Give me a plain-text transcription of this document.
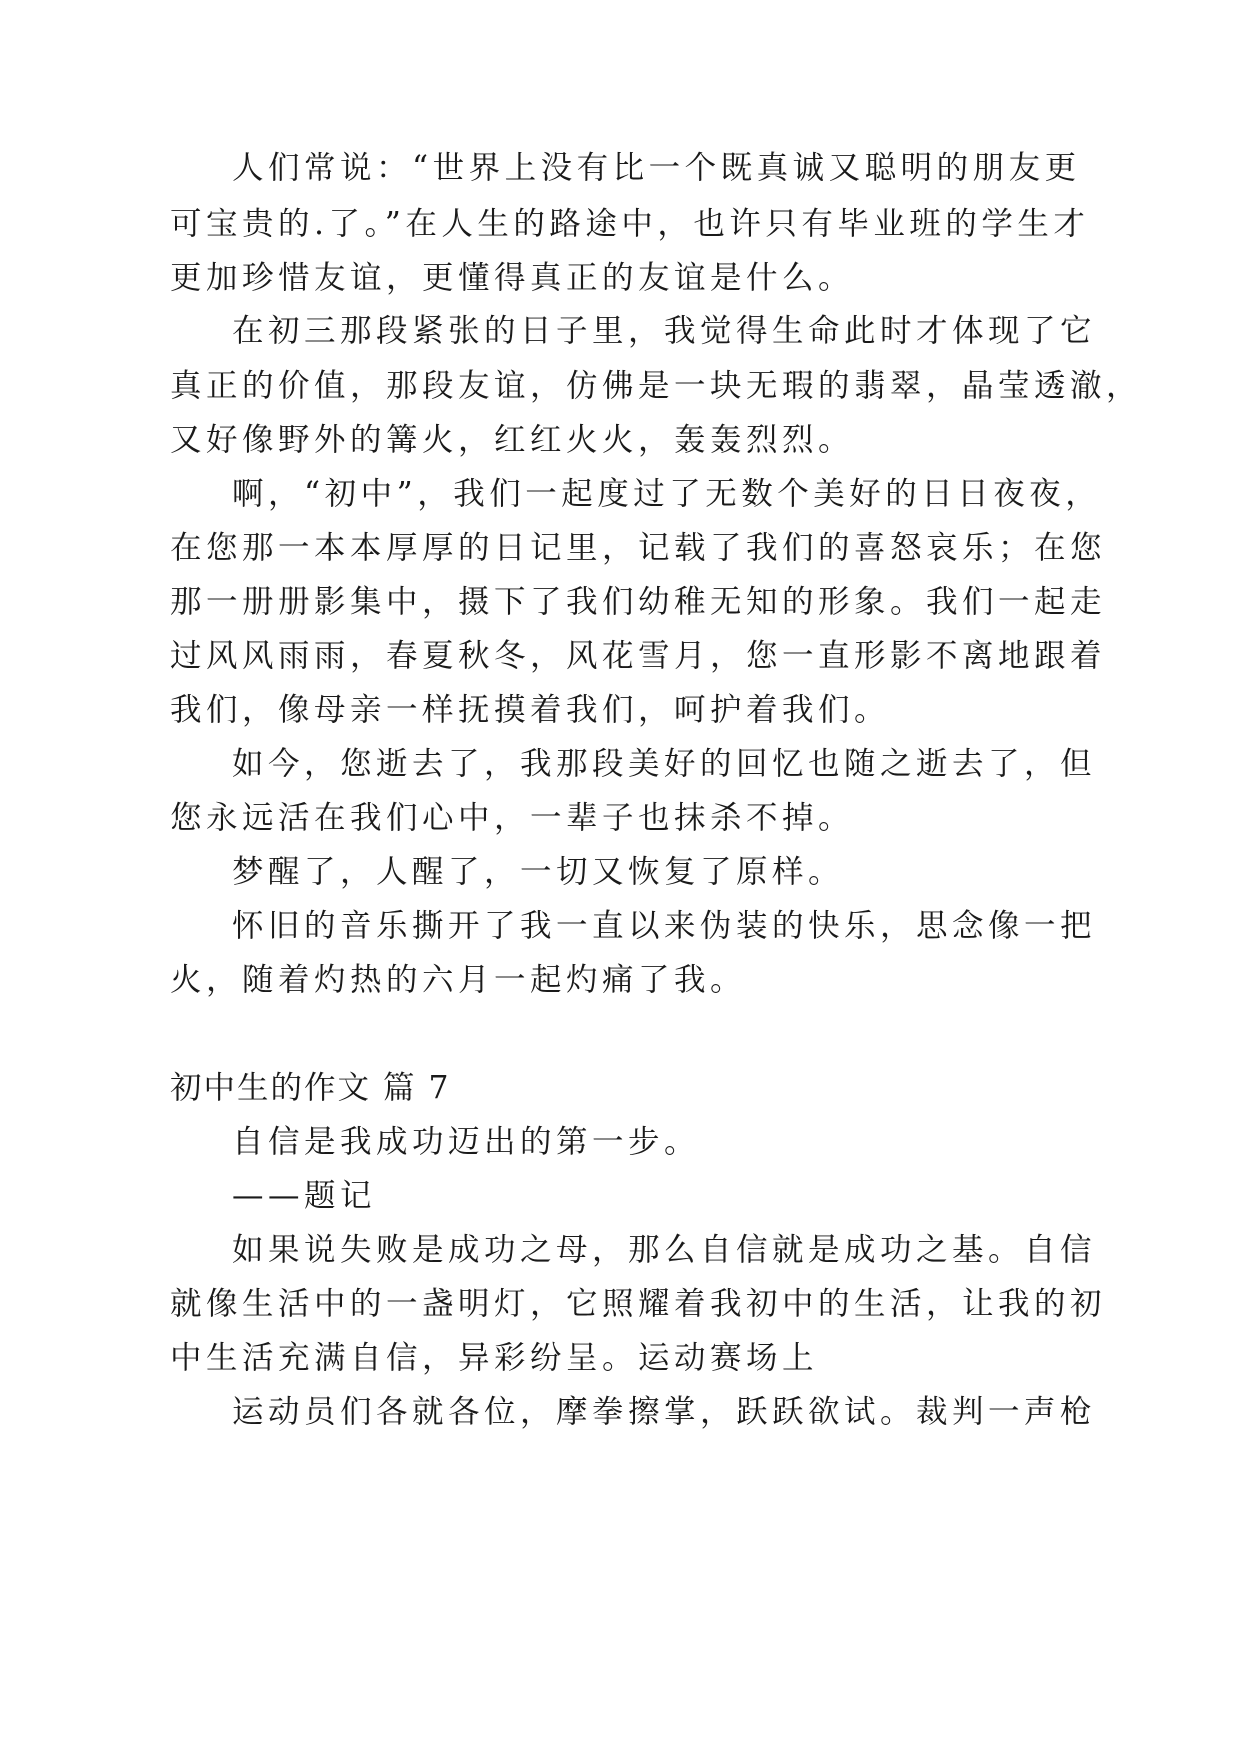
人们常说：“世界上没有比一个既真诚又聪明的朋友更
可宝贵的.了。”在人生的路途中，也许只有毕业班的学生才
更加珍惜友谊，更懂得真正的友谊是什么。
在初三那段紧张的日子里，我觉得生命此时才体现了它
真正的价值，那段友谊，仿佛是一块无瑕的翡翠，晶莹透澈，
又好像野外的篝火，红红火火，轰轰烈烈。
啊，“初中”，我们一起度过了无数个美好的日日夜夜，
在您那一本本厚厚的日记里，记载了我们的喜怒哀乐；在您
那一册册影集中，摄下了我们幼稚无知的形象。我们一起走
过风风雨雨，春夏秋冬，风花雪月，您一直形影不离地跟着
我们，像母亲一样抚摸着我们，呵护着我们。
如今，您逝去了，我那段美好的回忆也随之逝去了，但
您永远活在我们心中，一辈子也抹杀不掉。
梦醒了，人醒了，一切又恢复了原样。
怀旧的音乐撕开了我一直以来伪装的快乐，思念像一把
火，随着灼热的六月一起灼痛了我。
初中生的作文 篇 7
自信是我成功迈出的第一步。
——题记
如果说失败是成功之母，那么自信就是成功之基。自信
就像生活中的一盏明灯，它照耀着我初中的生活，让我的初
中生活充满自信，异彩纷呈。运动赛场上
运动员们各就各位，摩拳擦掌，跃跃欲试。裁判一声枪
